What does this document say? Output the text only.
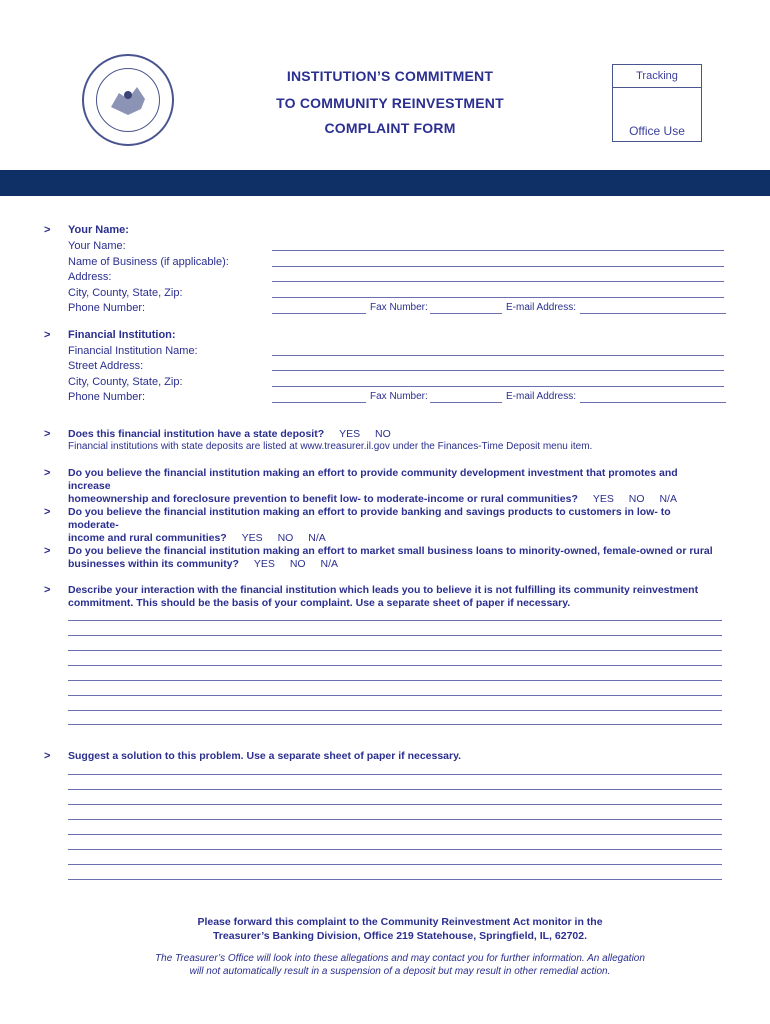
INSTITUTION’S COMMITMENT
TO COMMUNITY REINVESTMENT
COMPLAINT FORM
Tracking
Office Use
> Your Name:
Your Name:
Name of Business (if applicable):
Address:
City, County, State, Zip:
Phone Number:	Fax Number:	E-mail Address:
> Financial Institution:
Financial Institution Name:
Street Address:
City, County, State, Zip:
Phone Number:	Fax Number:	E-mail Address:
> Does this financial institution have a state deposit? YES NO
Financial institutions with state deposits are listed at www.treasurer.il.gov under the Finances-Time Deposit menu item.
> Do you believe the financial institution making an effort to provide community development investment that promotes and increase
homeownership and foreclosure prevention to benefit low- to moderate-income or rural communities? YES NO N/A
> Do you believe the financial institution making an effort to provide banking and savings products to customers in low- to moderate-
income and rural communities? YES NO N/A
> Do you believe the financial institution making an effort to market small business loans to minority-owned, female-owned or rural
businesses within its community? YES NO N/A
> Describe your interaction with the financial institution which leads you to believe it is not fulfilling its community reinvestment
commitment. This should be the basis of your complaint. Use a separate sheet of paper if necessary.
> Suggest a solution to this problem. Use a separate sheet of paper if necessary.
Please forward this complaint to the Community Reinvestment Act monitor in the
Treasurer’s Banking Division, Office 219 Statehouse, Springfield, IL, 62702.
The Treasurer’s Office will look into these allegations and may contact you for further information. An allegation
will not automatically result in a suspension of a deposit but may result in other remedial action.
